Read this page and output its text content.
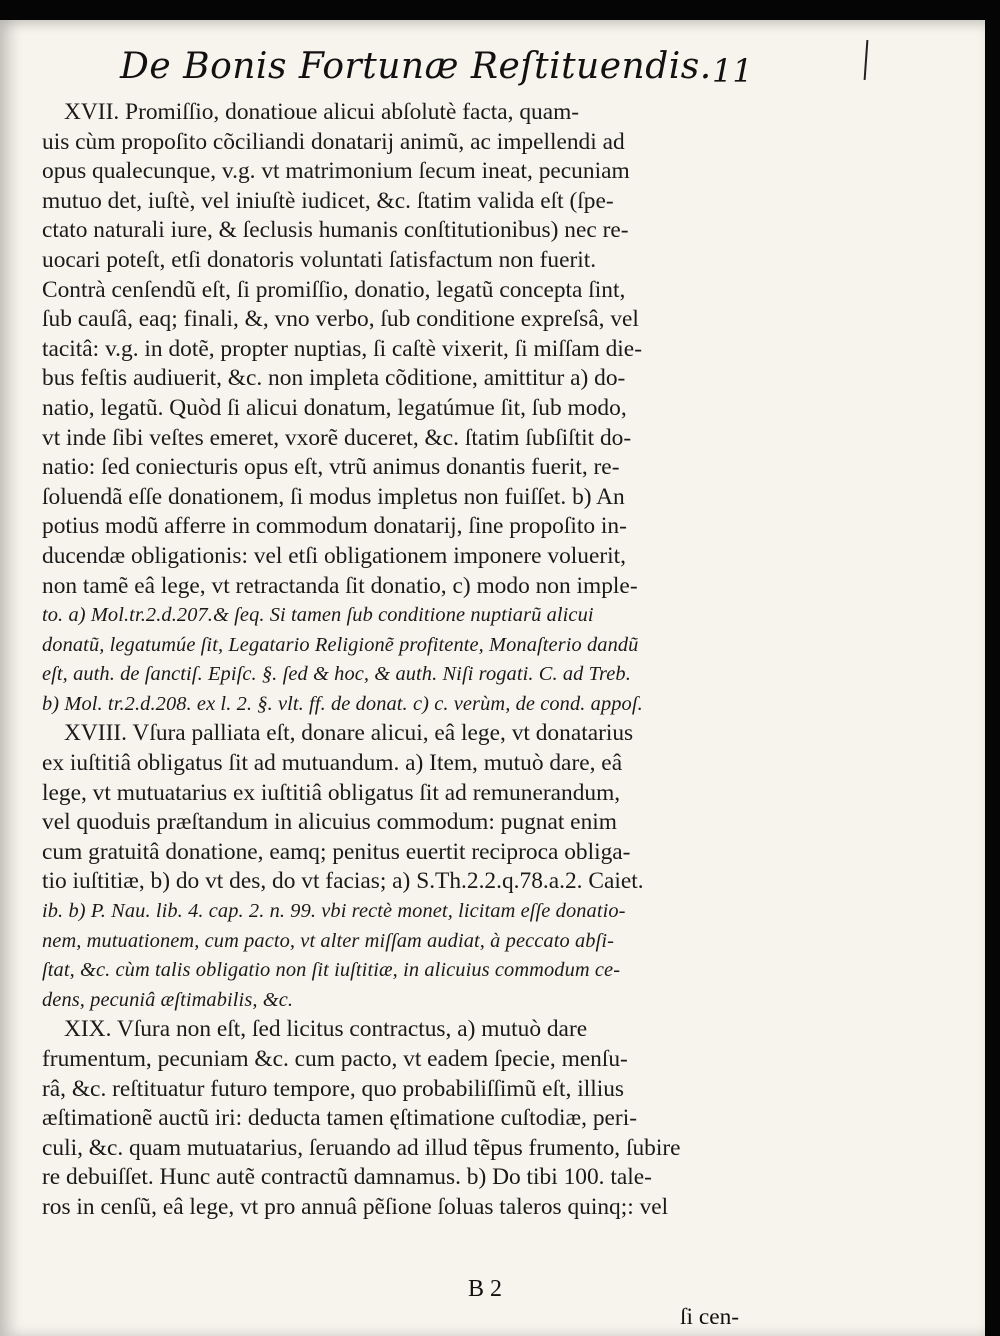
De Bonis Fortunæ Reſtituendis. 11
XVII. Promiſſio, donatioue alicui abſolutè facta, quam-
uis cùm propoſito cõciliandi donatarij animũ, ac impellendi ad
opus qualecunque, v.g. vt matrimonium ſecum ineat, pecuniam
mutuo det, iuſtè, vel iniuſtè iudicet, &c. ſtatim valida eſt (ſpe-
ctato naturali iure, & ſeclusis humanis conſtitutionibus) nec re-
uocari poteſt, etſi donatoris voluntati ſatisfactum non fuerit.
Contrà cenſendũ eſt, ſi promiſſio, donatio, legatũ concepta ſint,
ſub cauſâ, eaq; finali, &, vno verbo, ſub conditione expreſsâ, vel
tacitâ: v.g. in dotẽ, propter nuptias, ſi caſtè vixerit, ſi miſſam die-
bus feſtis audiuerit, &c. non impleta cõditione, amittitur a) do-
natio, legatũ. Quòd ſi alicui donatum, legatúmue ſit, ſub modo,
vt inde ſibi veſtes emeret, vxorẽ duceret, &c. ſtatim ſubſiſtit do-
natio: ſed coniecturis opus eſt, vtrũ animus donantis fuerit, re-
ſoluendã eſſe donationem, ſi modus impletus non fuiſſet. b) An
potius modũ afferre in commodum donatarij, ſine propoſito in-
ducendæ obligationis: vel etſi obligationem imponere voluerit,
non tamẽ eâ lege, vt retractanda ſit donatio, c) modo non imple-
to. a) Mol.tr.2.d.207.& ſeq. Si tamen ſub conditione nuptiarũ alicui
donatũ, legatumúe ſit, Legatario Religionẽ profitente, Monaſterio dandũ
eſt, auth. de ſanctiſ. Epiſc. §. ſed & hoc, & auth. Niſi rogati. C. ad Treb.
b) Mol. tr.2.d.208. ex l. 2. §. vlt. ff. de donat. c) c. verùm, de cond. appoſ.
XVIII. Vſura palliata eſt, donare alicui, eâ lege, vt donatarius
ex iuſtitiâ obligatus ſit ad mutuandum. a) Item, mutuò dare, eâ
lege, vt mutuatarius ex iuſtitiâ obligatus ſit ad remunerandum,
vel quoduis præſtandum in alicuius commodum: pugnat enim
cum gratuitâ donatione, eamq; penitus euertit reciproca obliga-
tio iuſtitiæ, b) do vt des, do vt facias; a) S.Th.2.2.q.78.a.2. Caiet.
ib. b) P. Nau. lib. 4. cap. 2. n. 99. vbi rectè monet, licitam eſſe donatio-
nem, mutuationem, cum pacto, vt alter miſſam audiat, à peccato abſi-
ſtat, &c. cùm talis obligatio non ſit iuſtitiæ, in alicuius commodum ce-
dens, pecuniâ æſtimabilis, &c.
XIX. Vſura non eſt, ſed licitus contractus, a) mutuò dare
frumentum, pecuniam &c. cum pacto, vt eadem ſpecie, menſu-
râ, &c. reſtituatur futuro tempore, quo probabiliſſimũ eſt, illius
æſtimationẽ auctũ iri: deducta tamen ęſtimatione cuſtodiæ, peri-
culi, &c. quam mutuatarius, ſeruando ad illud tẽpus frumento, ſubire
re debuiſſet. Hunc autẽ contractũ damnamus. b) Do tibi 100. tale-
ros in cenſũ, eâ lege, vt pro annuâ pẽſione ſoluas taleros quinq;: vel
B 2
ſi cen-
